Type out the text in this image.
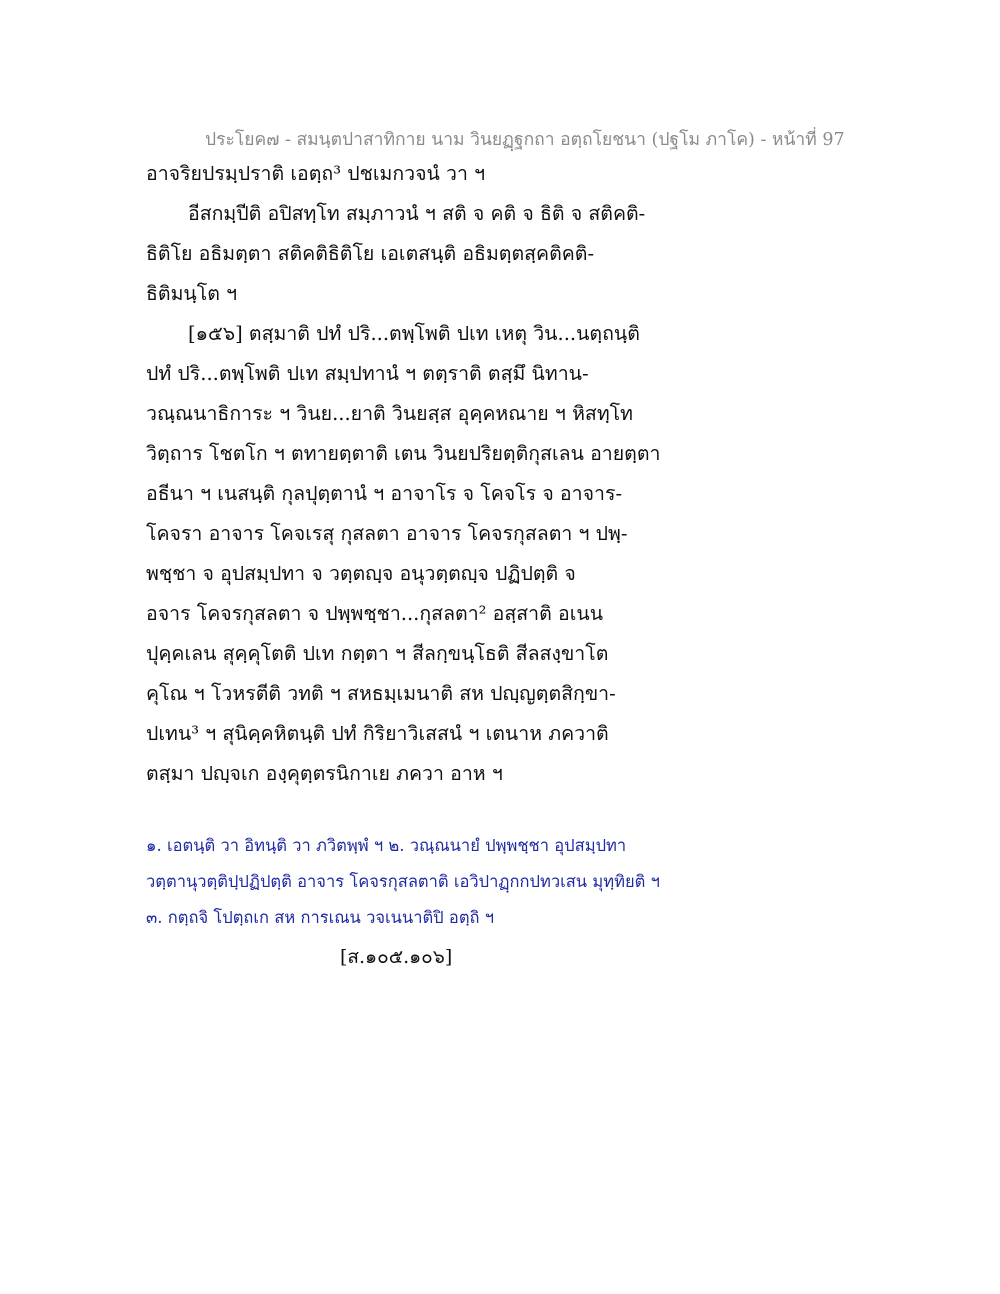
ประโยค๗ - สมนฺตปาสาทิกาย นาม วินยฏฺฐกถา อตฺถโยชนา (ปฐโม ภาโค) - หน้าที่ 97
อาจริยปรมฺปราติ เอตฺถ³ ปชเมกวจนํ วา ฯ
อีสกมฺปีติ อปิสทฺโท สมฺภาวนํ ฯ สติ จ คติ จ ธิติ จ สติคติ-
ธิติโย อธิมตฺตา สติคติธิติโย เอเตสนฺติ อธิมตฺตสฺคติคติ-
ธิติมนฺโต ฯ
[๑๕๖] ตสฺมาติ ปทํ ปริ...ตพฺโพติ ปเท เหตุ วิน...นตฺถนฺติ
ปทํ ปริ...ตพฺโพติ ปเท สมฺปทานํ ฯ ตตฺราติ ตสฺมึ นิทาน-
วณฺณนาธิการะ ฯ วินย...ยาติ วินยสฺส อุคฺคหณาย ฯ หิสทฺโท
วิตฺถาร โชตโก ฯ ตทายตฺตาติ เตน วินยปริยตฺติกุสเลน อายตฺตา
อธีนา ฯ เนสนฺติ กุลปุตฺตานํ ฯ อาจาโร จ โคจโร จ อาจาร-
โคจรา อาจาร โคจเรสุ กุสลตา อาจาร โคจรกุสลตา ฯ ปพฺ-
พชฺชา จ อุปสมฺปทา จ วตฺตญฺจ อนุวตฺตญฺจ ปฏิปตฺติ จ
อจาร โคจรกุสลตา จ ปพฺพชฺชา...กุสลตา² อสฺสาติ อเนน
ปุคฺคเลน สุคฺคุโตติ ปเท กตฺตา ฯ สีลกฺขนฺโธติ สีลสงฺขาโต
คุโณ ฯ โวหรตีติ วทติ ฯ สหธมฺเมนาติ สห ปญฺญตฺตสิกฺขา-
ปเทน³ ฯ สุนิคฺคหิตนฺติ ปทํ กิริยาวิเสสนํ ฯ เตนาห ภควาติ
ตสฺมา ปญฺจเก องฺคุตฺตรนิกาเย ภควา อาห ฯ
๑. เอตนฺติ วา อิทนฺติ วา ภวิตพฺพํ ฯ ๒. วณฺณนายํ ปพฺพชฺชา อุปสมฺปทา
วตฺตานุวตฺติปฺปฏิปตฺติ อาจาร โคจรกุสลตาติ เอวิปาฏฺกกปทวเสน มุทฺทิยติ ฯ
๓. กตฺถจิ โปตฺถเก สห การเณน วจเนนาติปิ อตฺถิ ฯ
[ส.๑๐๕.๑๐๖]
